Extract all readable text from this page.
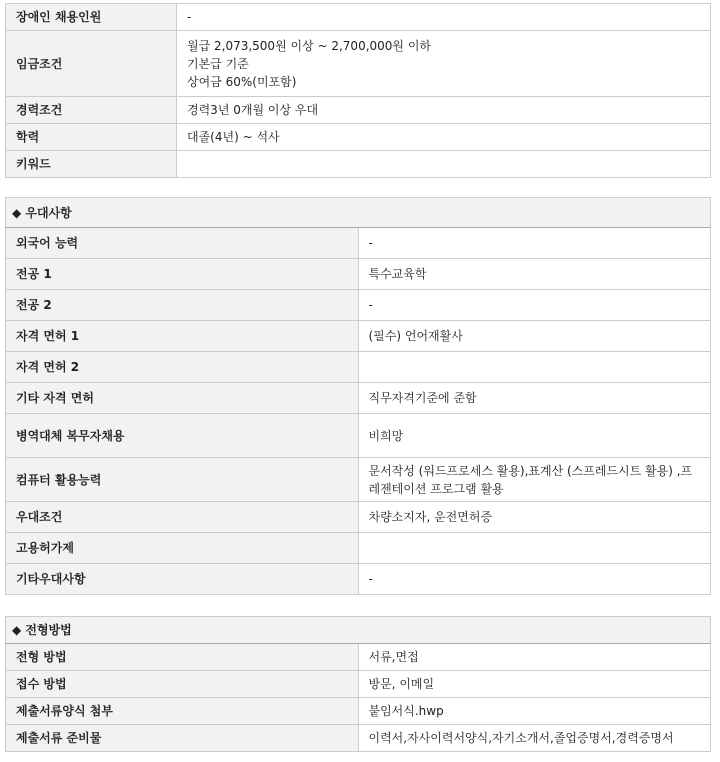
장애인 채용인원	-
임금조건	월급 2,073,500원 이상 ~ 2,700,000원 이하
기본급 기준
상여금 60%(미포함)

경력조건	경력3년 0개월 이상 우대
학력	대졸(4년) ~ 석사
키워드	
◆ 우대사항	
외국어 능력	-
전공 1	특수교육학
전공 2	-
자격 면허 1	(필수) 언어재활사
자격 면허 2	
기타 자격 면허	직무자격기준에 준함
병역대체 복무자채용	비희망
컴퓨터 활용능력	문서작성 (워드프로세스 활용),표계산 (스프레드시트 활용) ,프레젠테이션 프로그램 활용
우대조건	차량소지자, 운전면허증
고용허가제	
기타우대사항	-
◆ 전형방법	
전형 방법	서류,면접
접수 방법	방문, 이메일
제출서류양식 첨부	붙임서식.hwp
제출서류 준비물	이력서,자사이력서양식,자기소개서,졸업증명서,경력증명서
